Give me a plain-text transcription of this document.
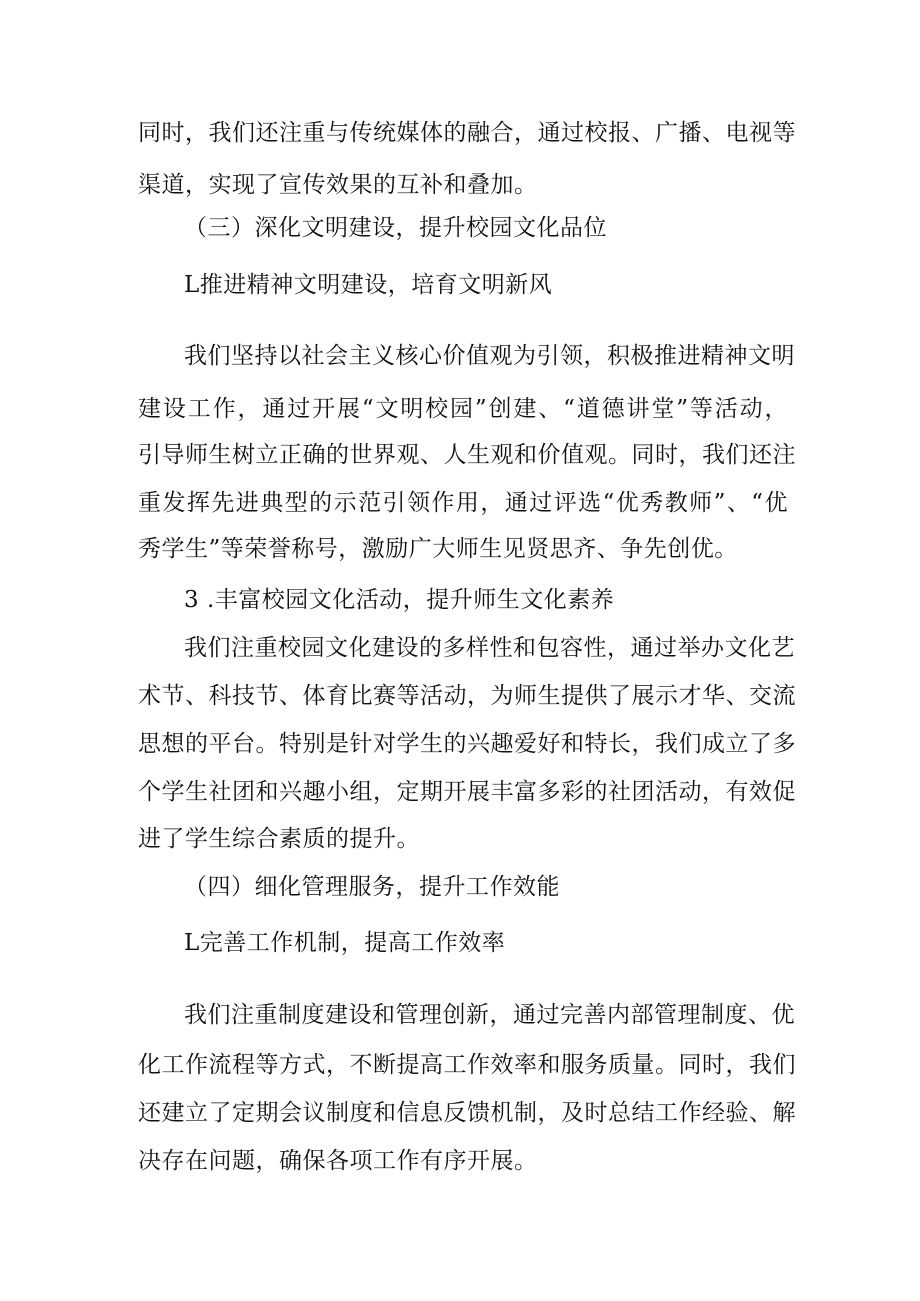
同时，我们还注重与传统媒体的融合，通过校报、广播、电视等
渠道，实现了宣传效果的互补和叠加。
（三）深化文明建设，提升校园文化品位
L推进精神文明建设，培育文明新风
我们坚持以社会主义核心价值观为引领，积极推进精神文明
建设工作，通过开展“文明校园”创建、“道德讲堂”等活动，
引导师生树立正确的世界观、人生观和价值观。同时，我们还注
重发挥先进典型的示范引领作用，通过评选“优秀教师”、“优
秀学生”等荣誉称号，激励广大师生见贤思齐、争先创优。
3 .丰富校园文化活动，提升师生文化素养
我们注重校园文化建设的多样性和包容性，通过举办文化艺
术节、科技节、体育比赛等活动，为师生提供了展示才华、交流
思想的平台。特别是针对学生的兴趣爱好和特长，我们成立了多
个学生社团和兴趣小组，定期开展丰富多彩的社团活动，有效促
进了学生综合素质的提升。
（四）细化管理服务，提升工作效能
L完善工作机制，提高工作效率
我们注重制度建设和管理创新，通过完善内部管理制度、优
化工作流程等方式，不断提高工作效率和服务质量。同时，我们
还建立了定期会议制度和信息反馈机制，及时总结工作经验、解
决存在问题，确保各项工作有序开展。
